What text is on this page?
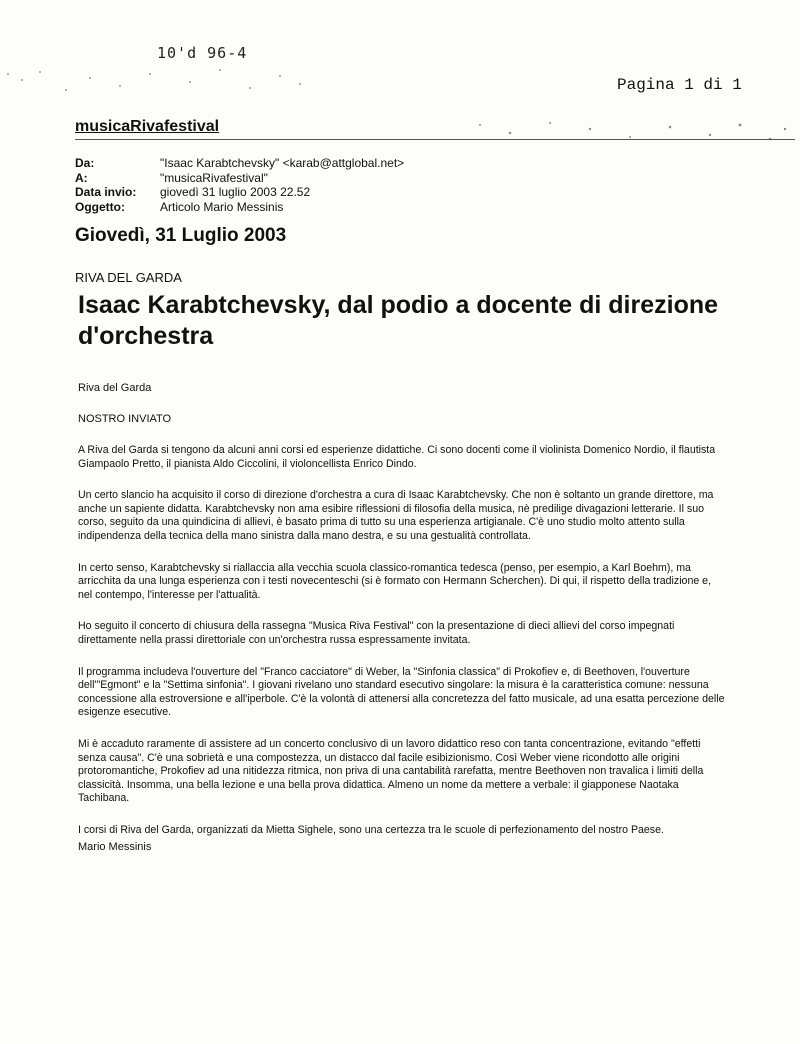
10'd 96-4
Pagina 1 di 1
musicaRivafestival
Da:	"Isaac Karabtchevsky" <karab@attglobal.net>
A:	"musicaRivafestival"
Data invio:	giovedì 31 luglio 2003 22.52
Oggetto:	Articolo Mario Messinis
Giovedì, 31 Luglio 2003
RIVA DEL GARDA
Isaac Karabtchevsky, dal podio a docente di direzione d'orchestra
Riva del Garda
NOSTRO INVIATO

A Riva del Garda si tengono da alcuni anni corsi ed esperienze didattiche. Ci sono docenti come il violinista Domenico Nordio, il flautista Giampaolo Pretto, il pianista Aldo Ciccolini, il violoncellista Enrico Dindo.

Un certo slancio ha acquisito il corso di direzione d'orchestra a cura di Isaac Karabtchevsky. Che non è soltanto un grande direttore, ma anche un sapiente didatta. Karabtchevsky non ama esibire riflessioni di filosofia della musica, nè predilige divagazioni letterarie. Il suo corso, seguito da una quindicina di allievi, è basato prima di tutto su una esperienza artigianale. C'è uno studio molto attento sulla indipendenza della tecnica della mano sinistra dalla mano destra, e su una gestualità controllata.

In certo senso, Karabtchevsky si riallaccia alla vecchia scuola classico-romantica tedesca (penso, per esempio, a Karl Boehm), ma arricchita da una lunga esperienza con i testi novecenteschi (si è formato con Hermann Scherchen). Di qui, il rispetto della tradizione e, nel contempo, l'interesse per l'attualità.

Ho seguito il concerto di chiusura della rassegna "Musica Riva Festival" con la presentazione di dieci allievi del corso impegnati direttamente nella prassi direttoriale con un'orchestra russa espressamente invitata.

Il programma includeva l'ouverture del "Franco cacciatore" di Weber, la "Sinfonia classica" di Prokofiev e, di Beethoven, l'ouverture dell'"Egmont" e la "Settima sinfonia". I giovani rivelano uno standard esecutivo singolare: la misura è la caratteristica comune: nessuna concessione alla estroversione e all'iperbole. C'è la volontà di attenersi alla concretezza del fatto musicale, ad una esatta percezione delle esigenze esecutive.

Mi è accaduto raramente di assistere ad un concerto conclusivo di un lavoro didattico reso con tanta concentrazione, evitando "effetti senza causa". C'è una sobrietà e una compostezza, un distacco dal facile esibizionismo. Così Weber viene ricondotto alle origini protoromantiche, Prokofiev ad una nitidezza ritmica, non priva di una cantabilità rarefatta, mentre Beethoven non travalica i limiti della classicità. Insomma, una bella lezione e una bella prova didattica. Almeno un nome da mettere a verbale: il giapponese Naotaka Tachibana.

I corsi di Riva del Garda, organizzati da Mietta Sighele, sono una certezza tra le scuole di perfezionamento del nostro Paese.

Mario Messinis
